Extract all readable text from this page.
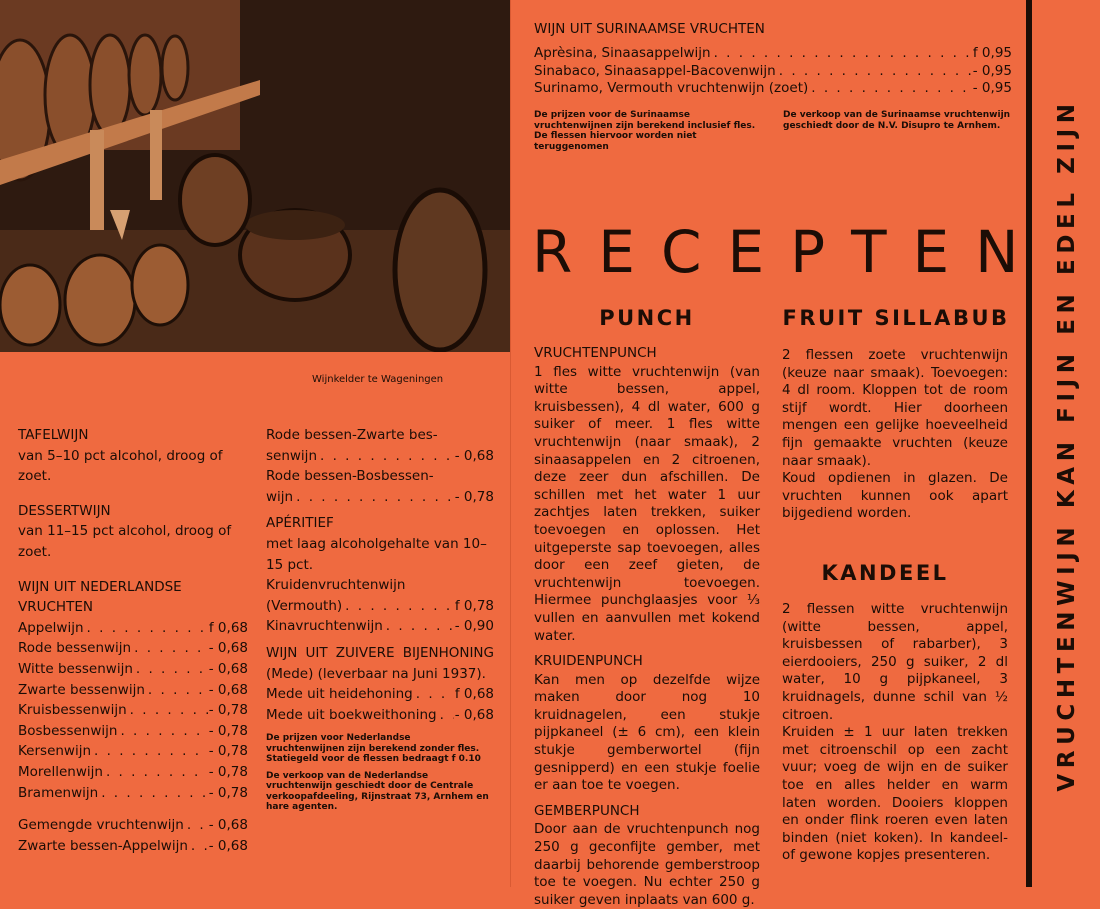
Wijnkelder te Wageningen

TAFELWIJN

van 5–10 pct alcohol, droog of zoet.

DESSERTWIJN

van 11–15 pct alcohol, droog of zoet.

WIJN UIT NEDERLANDSE VRUCHTEN

Appelwijn . . .	f 0,68
Rode bessenwijn . . .	- 0,68
Witte bessenwijn . . .	- 0,68
Zwarte bessenwijn . . .	- 0,68
Kruisbessenwijn . . .	- 0,78
Bosbessenwijn . . .	- 0,78
Kersenwijn . . .	- 0,78
Morellenwijn . . .	- 0,78
Bramenwijn . . .	- 0,78
Gemengde vruchtenwijn . . . - 0,68
Zwarte bessen-Appelwijn . . . - 0,68

Rode bessen-Zwarte bes-

senwijn . . .	- 0,68

Rode bessen-Bosbessen-

wijn . . .	- 0,78

APÉRITIEF

met laag alcoholgehalte van 10–15 pct.

Kruidenvruchtenwijn

(Vermouth) . . .	f 0,78
Kinavruchtenwijn . . .	- 0,90

WIJN UIT ZUIVERE BIJENHONING (Mede) (leverbaar na Juni 1937).

Mede uit heidehoning . . .	f 0,68
Mede uit boekweithoning . . . - 0,68

De prijzen voor Nederlandse vruchtenwijnen zijn berekend zonder fles. Statiegeld voor de flessen bedraagt f 0.10

De verkoop van de Nederlandse vruchtenwijn geschiedt door de Centrale verkoopafdeeling, Rijnstraat 73, Arnhem en hare agenten.

WIJN UIT SURINAAMSE VRUCHTEN
Aprèsina, Sinaasappelwijn . . .	f 0,95
Sinabaco, Sinaasappel-Bacovenwijn . . .	- 0,95
Surinamo, Vermouth vruchtenwijn (zoet) . . .	- 0,95
De prijzen voor de Surinaamse vruchtenwijnen zijn berekend inclusief fles. De flessen hiervoor worden niet teruggenomen
De verkoop van de Surinaamse vruchtenwijn geschiedt door de N.V. Disupro te Arnhem.
RECEPTEN
PUNCH

VRUCHTENPUNCH

1 fles witte vruchtenwijn (van witte bessen, appel, kruisbessen), 4 dl water, 600 g suiker of meer. 1 fles witte vruchtenwijn (naar smaak), 2 sinaasappelen en 2 citroenen, deze zeer dun afschillen. De schillen met het water 1 uur zachtjes laten trekken, suiker toevoegen en oplossen. Het uitgeperste sap toevoegen, alles door een zeef gieten, de vruchtenwijn toevoegen. Hiermee punchglaasjes voor ⅓ vullen en aanvullen met kokend water.

KRUIDENPUNCH

Kan men op dezelfde wijze maken door nog 10 kruidnagelen, een stukje pijpkaneel (± 6 cm), een klein stukje gemberwortel (fijn gesnipperd) en een stukje foelie er aan toe te voegen.

GEMBERPUNCH

Door aan de vruchtenpunch nog 250 g geconfijte gember, met daarbij behorende gemberstroop toe te voegen. Nu echter 250 g suiker geven inplaats van 600 g.

FRUIT SILLABUB

2 flessen zoete vruchtenwijn (keuze naar smaak). Toevoegen: 4 dl room. Kloppen tot de room stijf wordt. Hier doorheen mengen een gelijke hoeveelheid fijn gemaakte vruchten (keuze naar smaak).

Koud opdienen in glazen. De vruchten kunnen ook apart bijgediend worden.

KANDEEL

2 flessen witte vruchtenwijn (witte bessen, appel, kruisbessen of rabarber), 3 eierdooiers, 250 g suiker, 2 dl water, 10 g pijpkaneel, 3 kruidnagels, dunne schil van ½ citroen.

Kruiden ± 1 uur laten trekken met citroenschil op een zacht vuur; voeg de wijn en de suiker toe en alles helder en warm laten worden. Dooiers kloppen en onder flink roeren even laten binden (niet koken). In kandeel- of gewone kopjes presenteren.

VRUCHTENWIJN KAN FIJN EN EDEL ZIJN
